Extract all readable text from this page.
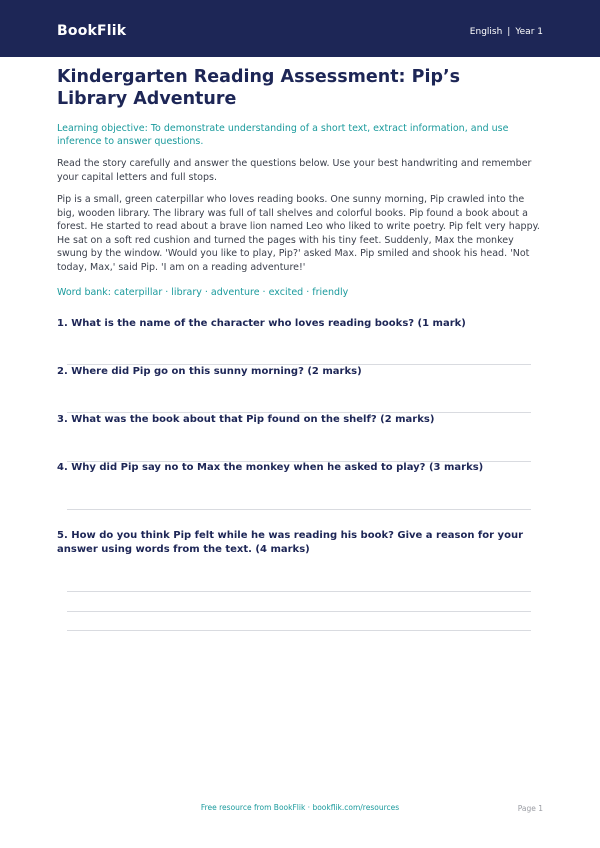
BookFlik	English | Year 1
Kindergarten Reading Assessment: Pip’s Library Adventure

Learning objective: To demonstrate understanding of a short text, extract information, and use inference to answer questions.

Read the story carefully and answer the questions below. Use your best handwriting and remember your capital letters and full stops.

Pip is a small, green caterpillar who loves reading books. One sunny morning, Pip crawled into the big, wooden library. The library was full of tall shelves and colorful books. Pip found a book about a forest. He started to read about a brave lion named Leo who liked to write poetry. Pip felt very happy. He sat on a soft red cushion and turned the pages with his tiny feet. Suddenly, Max the monkey swung by the window. 'Would you like to play, Pip?' asked Max. Pip smiled and shook his head. 'Not today, Max,' said Pip. 'I am on a reading adventure!'

Word bank: caterpillar · library · adventure · excited · friendly

1. What is the name of the character who loves reading books? (1 mark)

2. Where did Pip go on this sunny morning? (2 marks)

3. What was the book about that Pip found on the shelf? (2 marks)

4. Why did Pip say no to Max the monkey when he asked to play? (3 marks)

5. How do you think Pip felt while he was reading his book? Give a reason for your answer using words from the text. (4 marks)

Free resource from BookFlik · bookflik.com/resources	Page 1
